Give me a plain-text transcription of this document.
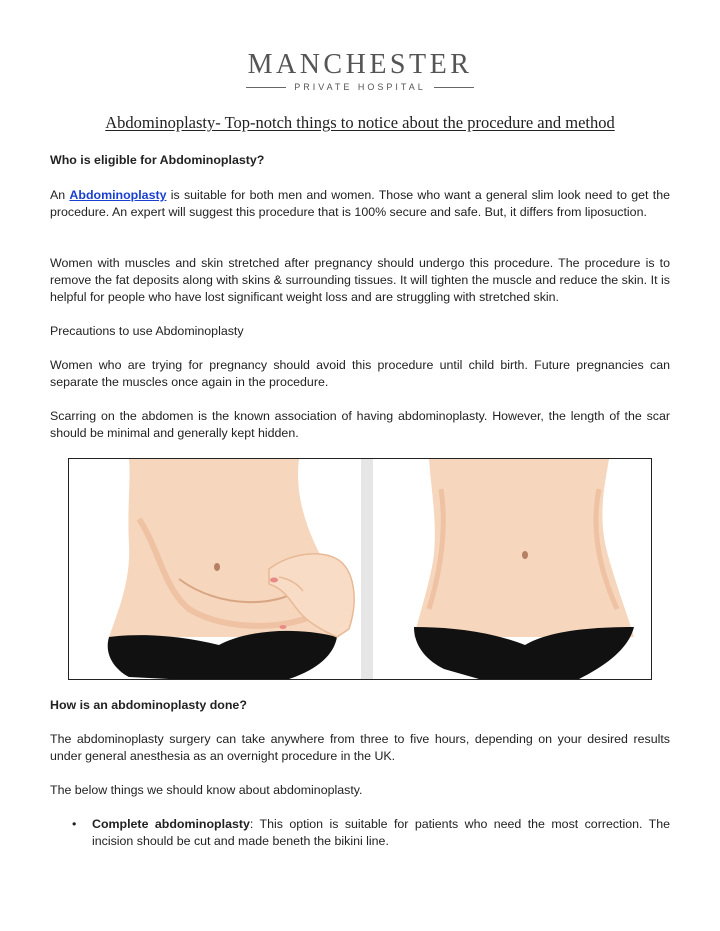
MANCHESTER
PRIVATE HOSPITAL
Abdominoplasty- Top-notch things to notice about the procedure and method

Who is eligible for Abdominoplasty?

An Abdominoplasty is suitable for both men and women. Those who want a general slim look need to get the procedure. An expert will suggest this procedure that is 100% secure and safe. But, it differs from liposuction.

Women with muscles and skin stretched after pregnancy should undergo this procedure. The procedure is to remove the fat deposits along with skins & surrounding tissues. It will tighten the muscle and reduce the skin. It is helpful for people who have lost significant weight loss and are struggling with stretched skin.

Precautions to use Abdominoplasty

Women who are trying for pregnancy should avoid this procedure until child birth. Future pregnancies can separate the muscles once again in the procedure.

Scarring on the abdomen is the known association of having abdominoplasty. However, the length of the scar should be minimal and generally kept hidden.

How is an abdominoplasty done?

The abdominoplasty surgery can take anywhere from three to five hours, depending on your desired results under general anesthesia as an overnight procedure in the UK.

The below things we should know about abdominoplasty.

•	Complete abdominoplasty: This option is suitable for patients who need the most correction. The incision should be cut and made beneth the bikini line.
